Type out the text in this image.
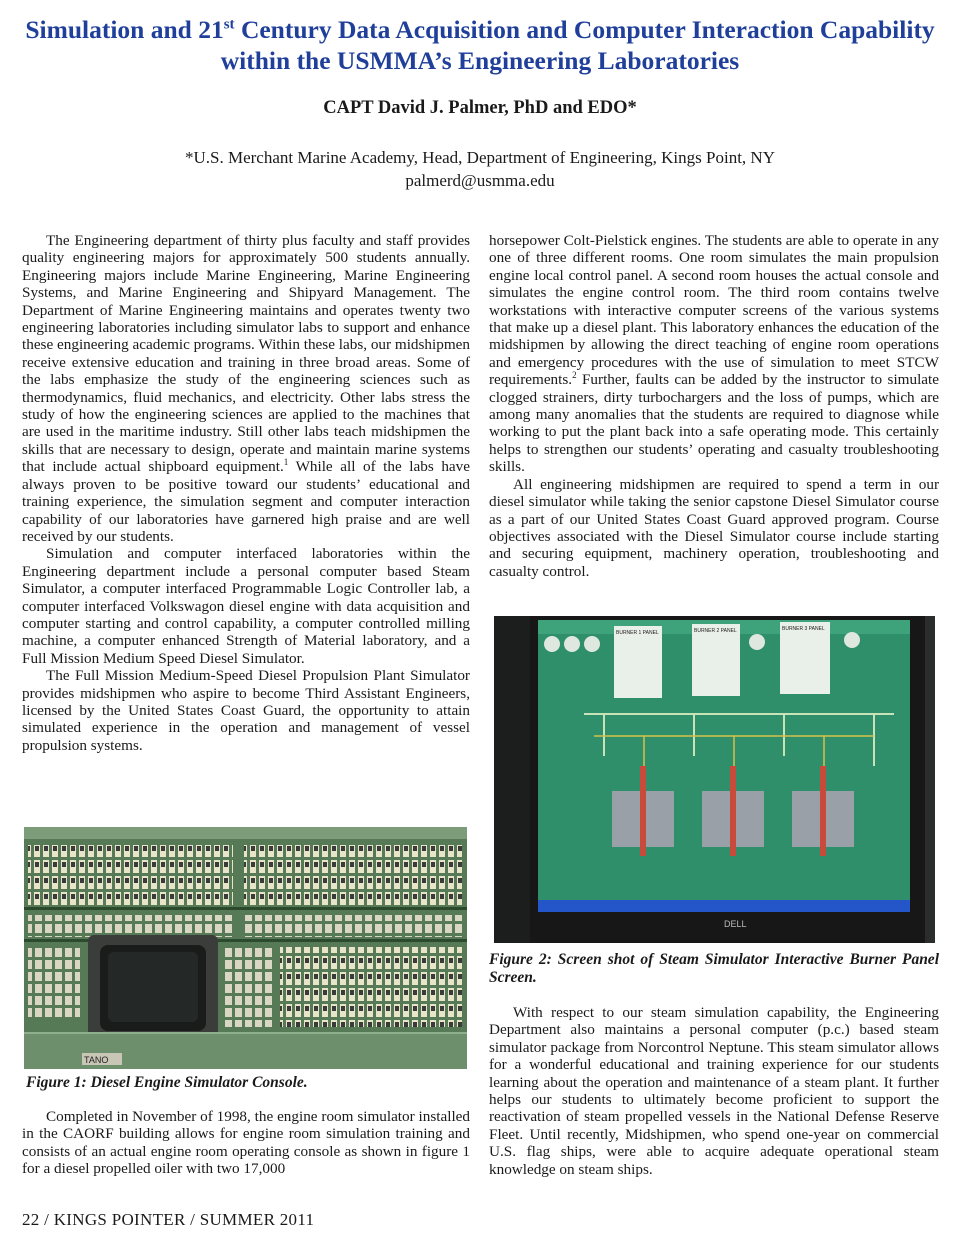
Simulation and 21st Century Data Acquisition and Computer Interaction Capability within the USMMA’s Engineering Laboratories
CAPT David J. Palmer, PhD and EDO*
*U.S. Merchant Marine Academy, Head, Department of Engineering, Kings Point, NY
palmerd@usmma.edu

The Engineering department of thirty plus faculty and staff provides quality engineering majors for approximately 500 students annually. Engineering majors include Marine Engineering, Marine Engineering Systems, and Marine Engineering and Shipyard Management. The Department of Marine Engineering maintains and operates twenty two engineering laboratories including simulator labs to support and enhance these engineering academic programs. Within these labs, our midshipmen receive extensive education and training in three broad areas. Some of the labs emphasize the study of the engineering sciences such as thermodynamics, fluid mechanics, and electricity. Other labs stress the study of how the engineering sciences are applied to the machines that are used in the maritime industry. Still other labs teach midshipmen the skills that are necessary to design, operate and maintain marine systems that include actual shipboard equipment.$^1$ While all of the labs have always proven to be positive toward our students’ educational and training experience, the simulation segment and computer interaction capability of our laboratories have garnered high praise and are well received by our students.

Simulation and computer interfaced laboratories within the Engineering department include a personal computer based Steam Simulator, a computer interfaced Programmable Logic Controller lab, a computer interfaced Volkswagon diesel engine with data acquisition and computer starting and control capability, a computer controlled milling machine, a computer enhanced Strength of Material laboratory, and a Full Mission Medium Speed Diesel Simulator.

The Full Mission Medium-Speed Diesel Propulsion Plant Simulator provides midshipmen who aspire to become Third Assistant Engineers, licensed by the United States Coast Guard, the opportunity to attain simulated experience in the operation and management of vessel propulsion systems.

TANO
Figure 1: Diesel Engine Simulator Console.

Completed in November of 1998, the engine room simulator installed in the CAORF building allows for engine room simulation training and consists of an actual engine room operating console as shown in figure 1 for a diesel propelled oiler with two 17,000

horsepower Colt-Pielstick engines. The students are able to operate in any one of three different rooms. One room simulates the main propulsion engine local control panel. A second room houses the actual console and simulates the engine control room. The third room contains twelve workstations with interactive computer screens of the various systems that make up a diesel plant. This laboratory enhances the education of the midshipmen by allowing the direct teaching of engine room operations and emergency procedures with the use of simulation to meet STCW requirements.$^2$ Further, faults can be added by the instructor to simulate clogged strainers, dirty turbochargers and the loss of pumps, which are among many anomalies that the students are required to diagnose while working to put the plant back into a safe operating mode. This certainly helps to strengthen our students’ operating and casualty troubleshooting skills.

All engineering midshipmen are required to spend a term in our diesel simulator while taking the senior capstone Diesel Simulator course as a part of our United States Coast Guard approved program. Course objectives associated with the Diesel Simulator course include starting and securing equipment, machinery operation, troubleshooting and casualty control.

BURNER 1 PANEL	BURNER 2 PANEL	BURNER 3 PANEL
DELL
Figure 2: Screen shot of Steam Simulator Interactive Burner Panel Screen.

With respect to our steam simulation capability, the Engineering Department also maintains a personal computer (p.c.) based steam simulator package from Norcontrol Neptune. This steam simulator allows for a wonderful educational and training experience for our students learning about the operation and maintenance of a steam plant. It further helps our students to ultimately become proficient to support the reactivation of steam propelled vessels in the National Defense Reserve Fleet. Until recently, Midshipmen, who spend one-year on commercial U.S. flag ships, were able to acquire adequate operational steam knowledge on steam ships.

22 / KINGS POINTER / SUMMER 2011
